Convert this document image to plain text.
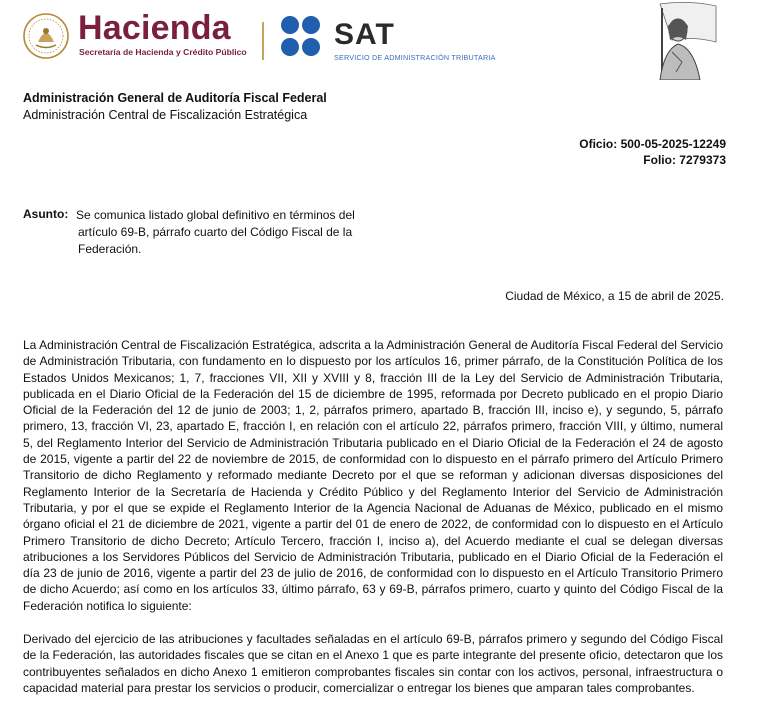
Hacienda
Secretaría de Hacienda y Crédito Público
SAT
SERVICIO DE ADMINISTRACIÓN TRIBUTARIA
Administración General de Auditoría Fiscal Federal
Administración Central de Fiscalización Estratégica
Oficio: 500-05-2025-12249
Folio: 7279373
Asunto: Se comunica listado global definitivo en términos del artículo 69-B, párrafo cuarto del Código Fiscal de la Federación.
Ciudad de México, a 15 de abril de 2025.
La Administración Central de Fiscalización Estratégica, adscrita a la Administración General de Auditoría Fiscal Federal del Servicio de Administración Tributaria, con fundamento en lo dispuesto por los artículos 16, primer párrafo, de la Constitución Política de los Estados Unidos Mexicanos; 1, 7, fracciones VII, XII y XVIII y 8, fracción III de la Ley del Servicio de Administración Tributaria, publicada en el Diario Oficial de la Federación del 15 de diciembre de 1995, reformada por Decreto publicado en el propio Diario Oficial de la Federación del 12 de junio de 2003; 1, 2, párrafos primero, apartado B, fracción III, inciso e), y segundo, 5, párrafo primero, 13, fracción VI, 23, apartado E, fracción I, en relación con el artículo 22, párrafos primero, fracción VIII, y último, numeral 5, del Reglamento Interior del Servicio de Administración Tributaria publicado en el Diario Oficial de la Federación el 24 de agosto de 2015, vigente a partir del 22 de noviembre de 2015, de conformidad con lo dispuesto en el párrafo primero del Artículo Primero Transitorio de dicho Reglamento y reformado mediante Decreto por el que se reforman y adicionan diversas disposiciones del Reglamento Interior de la Secretaría de Hacienda y Crédito Público y del Reglamento Interior del Servicio de Administración Tributaria, y por el que se expide el Reglamento Interior de la Agencia Nacional de Aduanas de México, publicado en el mismo órgano oficial el 21 de diciembre de 2021, vigente a partir del 01 de enero de 2022, de conformidad con lo dispuesto en el Artículo Primero Transitorio de dicho Decreto; Artículo Tercero, fracción I, inciso a), del Acuerdo mediante el cual se delegan diversas atribuciones a los Servidores Públicos del Servicio de Administración Tributaria, publicado en el Diario Oficial de la Federación el día 23 de junio de 2016, vigente a partir del 23 de julio de 2016, de conformidad con lo dispuesto en el Artículo Transitorio Primero de dicho Acuerdo; así como en los artículos 33, último párrafo, 63 y 69-B, párrafos primero, cuarto y quinto del Código Fiscal de la Federación notifica lo siguiente:
Derivado del ejercicio de las atribuciones y facultades señaladas en el artículo 69-B, párrafos primero y segundo del Código Fiscal de la Federación, las autoridades fiscales que se citan en el Anexo 1 que es parte integrante del presente oficio, detectaron que los contribuyentes señalados en dicho Anexo 1 emitieron comprobantes fiscales sin contar con los activos, personal, infraestructura o capacidad material para prestar los servicios o producir, comercializar o entregar los bienes que amparan tales comprobantes.
